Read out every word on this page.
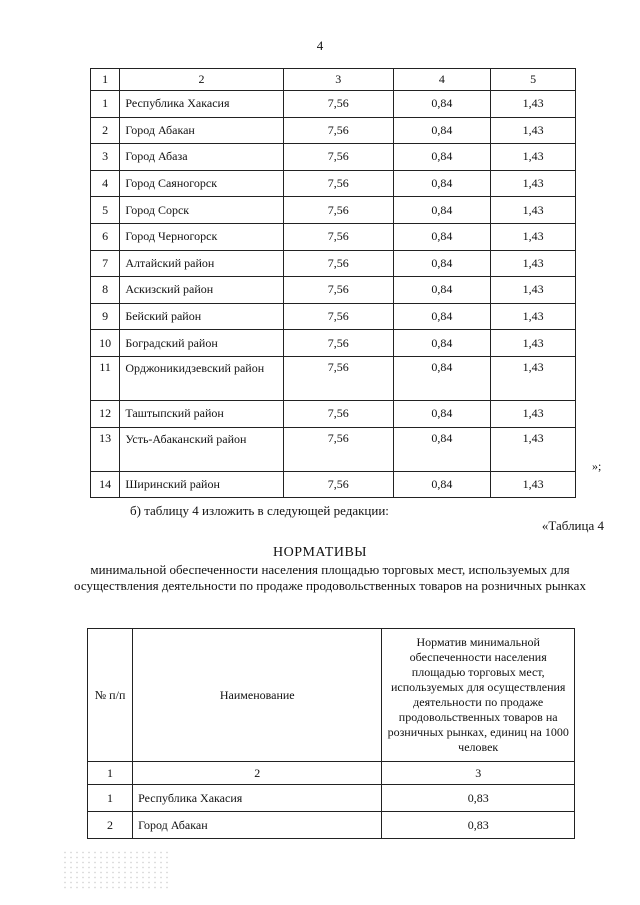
4
1	2	3	4	5
1	Республика Хакасия	7,56	0,84	1,43
2	Город Абакан	7,56	0,84	1,43
3	Город Абаза	7,56	0,84	1,43
4	Город Саяногорск	7,56	0,84	1,43
5	Город Сорск	7,56	0,84	1,43
6	Город Черногорск	7,56	0,84	1,43
7	Алтайский район	7,56	0,84	1,43
8	Аскизский район	7,56	0,84	1,43
9	Бейский район	7,56	0,84	1,43
10	Боградский район	7,56	0,84	1,43
11	Орджоникидзевский район	7,56	0,84	1,43
12	Таштыпский район	7,56	0,84	1,43
13	Усть-Абаканский район	7,56	0,84	1,43
14	Ширинский район	7,56	0,84	1,43
»;
б) таблицу 4 изложить в следующей редакции:
«Таблица 4
НОРМАТИВЫ
минимальной обеспеченности населения площадью торговых мест, используемых для осуществления деятельности по продаже продовольственных товаров на розничных рынках
№ п/п	Наименование	Норматив минимальной обеспеченности населения площадью торговых мест, используемых для осуществления деятельности по продаже продовольственных товаров на розничных рынках, единиц на 1000 человек
1	2	3
1	Республика Хакасия	0,83
2	Город Абакан	0,83
